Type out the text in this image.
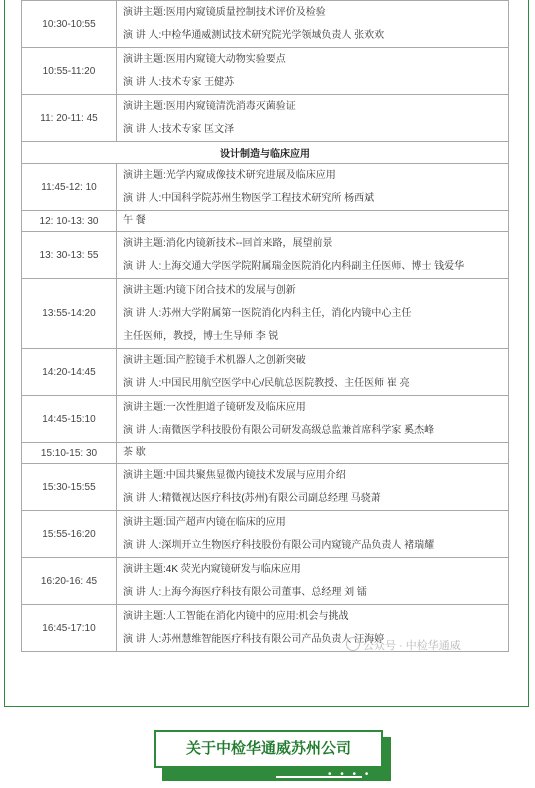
10:30-10:55	演讲主题:医用内窥镜质量控制技术评价及检验
演 讲 人:中检华通威测试技术研究院光学领域负责人 张欢欢

10:55-11:20	演讲主题:医用内窥镜大动物实验要点
演 讲 人:技术专家 王健苏

11: 20-11: 45	演讲主题:医用内窥镜清洗消毒灭菌验证
演 讲 人:技术专家 匡文泽

设计制造与临床应用	
11:45-12: 10	演讲主题:光学内窥成像技术研究进展及临床应用
演 讲 人:中国科学院苏州生物医学工程技术研究所 杨西斌

12: 10-13: 30	午 餐

13: 30-13: 55	演讲主题:消化内镜新技术--回首来路，展望前景
演 讲 人:上海交通大学医学院附属瑞金医院消化内科副主任医师、博士 钱爱华

13:55-14:20	演讲主题:内镜下闭合技术的发展与创新
演 讲 人:苏州大学附属第一医院消化内科主任，消化内镜中心主任
主任医师，教授，博士生导师 李 锐

14:20-14:45	演讲主题:国产腔镜手术机器人之创新突破
演 讲 人:中国民用航空医学中心/民航总医院教授、主任医师 崔 亮

14:45-15:10	演讲主题:一次性胆道子镜研发及临床应用
演 讲 人:南微医学科技股份有限公司研发高级总监兼首席科学家 奚杰峰

15:10-15: 30	茶 歇

15:30-15:55	演讲主题:中国共聚焦显微内镜技术发展与应用介绍
演 讲 人:精微视达医疗科技(苏州)有限公司副总经理 马骁萧

15:55-16:20	演讲主题:国产超声内镜在临床的应用
演 讲 人:深圳开立生物医疗科技股份有限公司内窥镜产品负责人 褚瑞耀

16:20-16: 45	演讲主题:4K 荧光内窥镜研发与临床应用
演 讲 人:上海今海医疗科技有限公司董事、总经理 刘 镭

16:45-17:10	演讲主题:人工智能在消化内镜中的应用:机会与挑战
演 讲 人:苏州慧维智能医疗科技有限公司产品负责人 汪海婷
公众号 · 中检华通威
关于中检华通威苏州公司
• • • •
